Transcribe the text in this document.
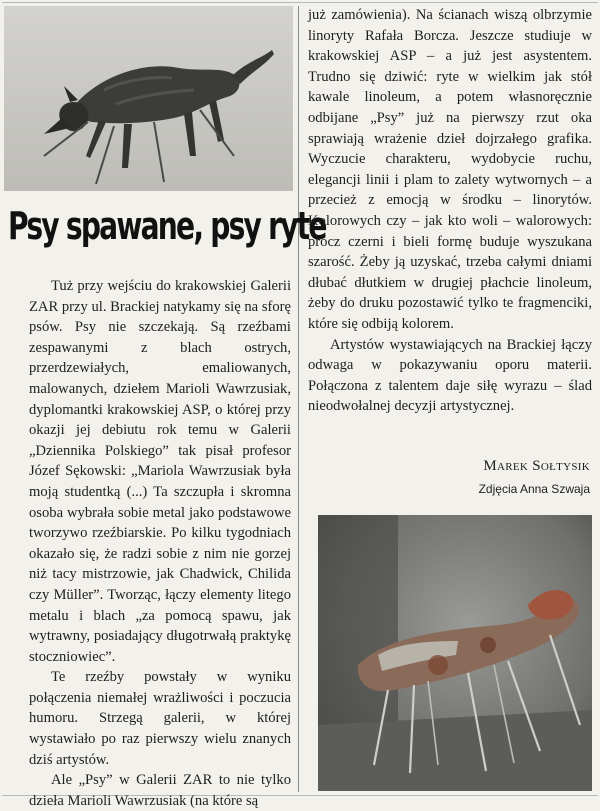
Psy spawane, psy ryte

Tuż przy wejściu do krakowskiej Galerii ZAR przy ul. Brackiej natykamy się na sforę psów. Psy nie szczekają. Są rzeźbami zespawanymi z blach ostrych, przerdzewiałych, emaliowanych, malowanych, dziełem Marioli Wawrzusiak, dyplomantki krakowskiej ASP, o której przy okazji jej debiutu rok temu w Galerii „Dziennika Polskiego” tak pisał profesor Józef Sękowski: „Mariola Wawrzusiak była moją studentką (...) Ta szczupła i skromna osoba wybrała sobie metal jako podstawowe tworzywo rzeźbiarskie. Po kilku tygodniach okazało się, że radzi sobie z nim nie gorzej niż tacy mistrzowie, jak Chadwick, Chilida czy Müller”. Tworząc, łączy elementy litego metalu i blach „za pomocą spawu, jak wytrawny, posiadający długotrwałą praktykę stoczniowiec”.

Te rzeźby powstały w wyniku połączenia niemałej wrażliwości i poczucia humoru. Strzegą galerii, w której wystawiało po raz pierwszy wielu znanych dziś artystów.

Ale „Psy” w Galerii ZAR to nie tylko dzieła Marioli Wawrzusiak (na które są

już zamówienia). Na ścianach wiszą olbrzymie linoryty Rafała Borcza. Jeszcze studiuje w krakowskiej ASP – a już jest asystentem. Trudno się dziwić: ryte w wielkim jak stół kawale linoleum, a potem własnoręcznie odbijane „Psy” już na pierwszy rzut oka sprawiają wrażenie dzieł dojrzałego grafika. Wyczucie charakteru, wydobycie ruchu, elegancji linii i plam to zalety wytwornych – a przecież z emocją w środku – linorytów. Kolorowych czy – jak kto woli – walorowych: prócz czerni i bieli formę buduje wyszukana szarość. Żeby ją uzyskać, trzeba całymi dniami dłubać dłutkiem w drugiej płachcie linoleum, żeby do druku pozostawić tylko te fragmenciki, które się odbiją kolorem.

Artystów wystawiających na Brackiej łączy odwaga w pokazywaniu oporu materii. Połączona z talentem daje siłę wyrazu – ślad nieodwołalnej decyzji artystycznej.

Marek Sołtysik
Zdjęcia Anna Szwaja
